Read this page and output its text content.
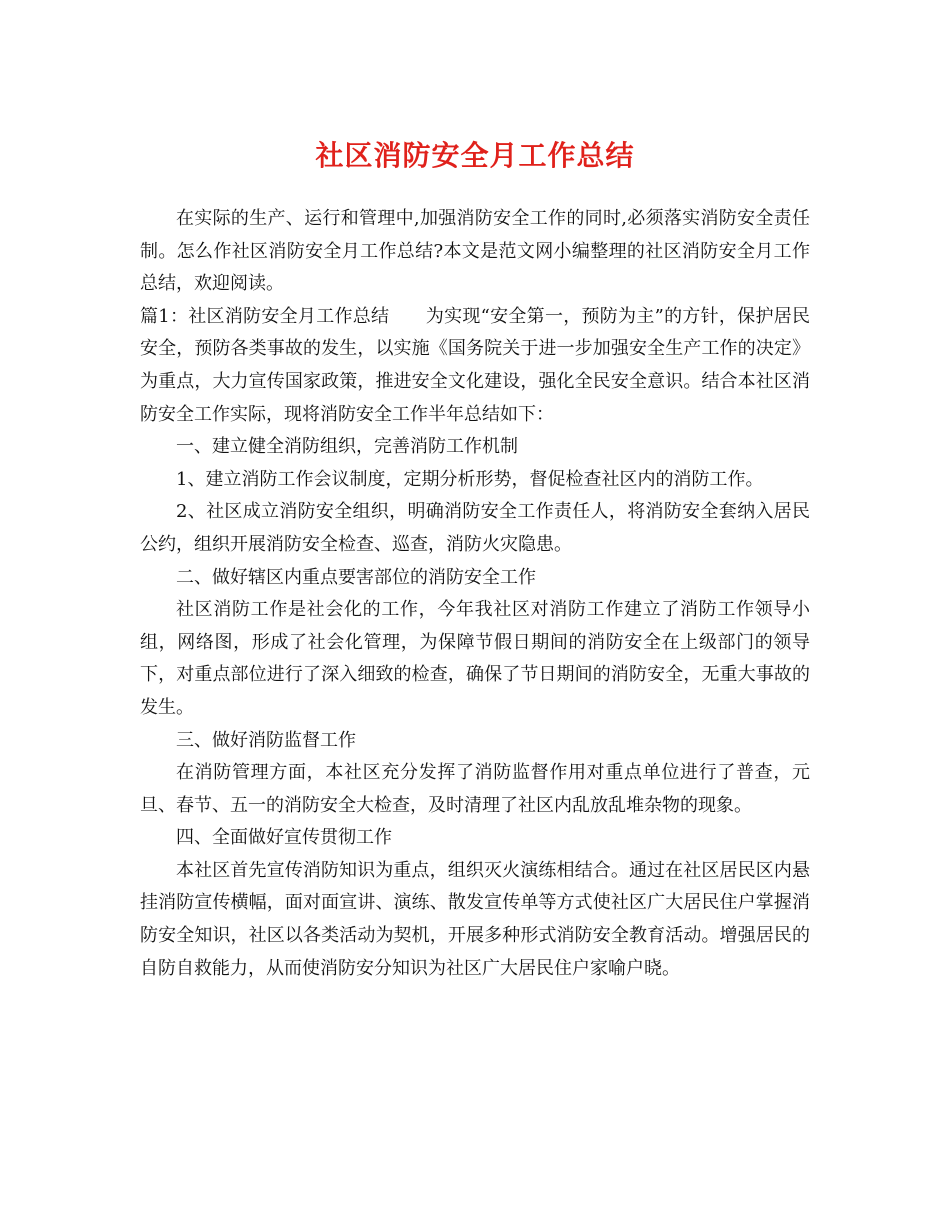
社区消防安全月工作总结

在实际的生产、运行和管理中,加强消防安全工作的同时,必须落实消防安全责任制。怎么作社区消防安全月工作总结?本文是范文网小编整理的社区消防安全月工作总结，欢迎阅读。

篇1：社区消防安全月工作总结　　为实现“安全第一，预防为主”的方针，保护居民安全，预防各类事故的发生，以实施《国务院关于进一步加强安全生产工作的决定》为重点，大力宣传国家政策，推进安全文化建设，强化全民安全意识。结合本社区消防安全工作实际，现将消防安全工作半年总结如下：

一、建立健全消防组织，完善消防工作机制

1、建立消防工作会议制度，定期分析形势，督促检查社区内的消防工作。

2、社区成立消防安全组织，明确消防安全工作责任人，将消防安全套纳入居民公约，组织开展消防安全检查、巡查，消防火灾隐患。

二、做好辖区内重点要害部位的消防安全工作

社区消防工作是社会化的工作，今年我社区对消防工作建立了消防工作领导小组，网络图，形成了社会化管理，为保障节假日期间的消防安全在上级部门的领导下，对重点部位进行了深入细致的检查，确保了节日期间的消防安全，无重大事故的发生。

三、做好消防监督工作

在消防管理方面，本社区充分发挥了消防监督作用对重点单位进行了普查，元旦、春节、五一的消防安全大检查，及时清理了社区内乱放乱堆杂物的现象。

四、全面做好宣传贯彻工作

本社区首先宣传消防知识为重点，组织灭火演练相结合。通过在社区居民区内悬挂消防宣传横幅，面对面宣讲、演练、散发宣传单等方式使社区广大居民住户掌握消防安全知识，社区以各类活动为契机，开展多种形式消防安全教育活动。增强居民的自防自救能力，从而使消防安分知识为社区广大居民住户家喻户晓。
